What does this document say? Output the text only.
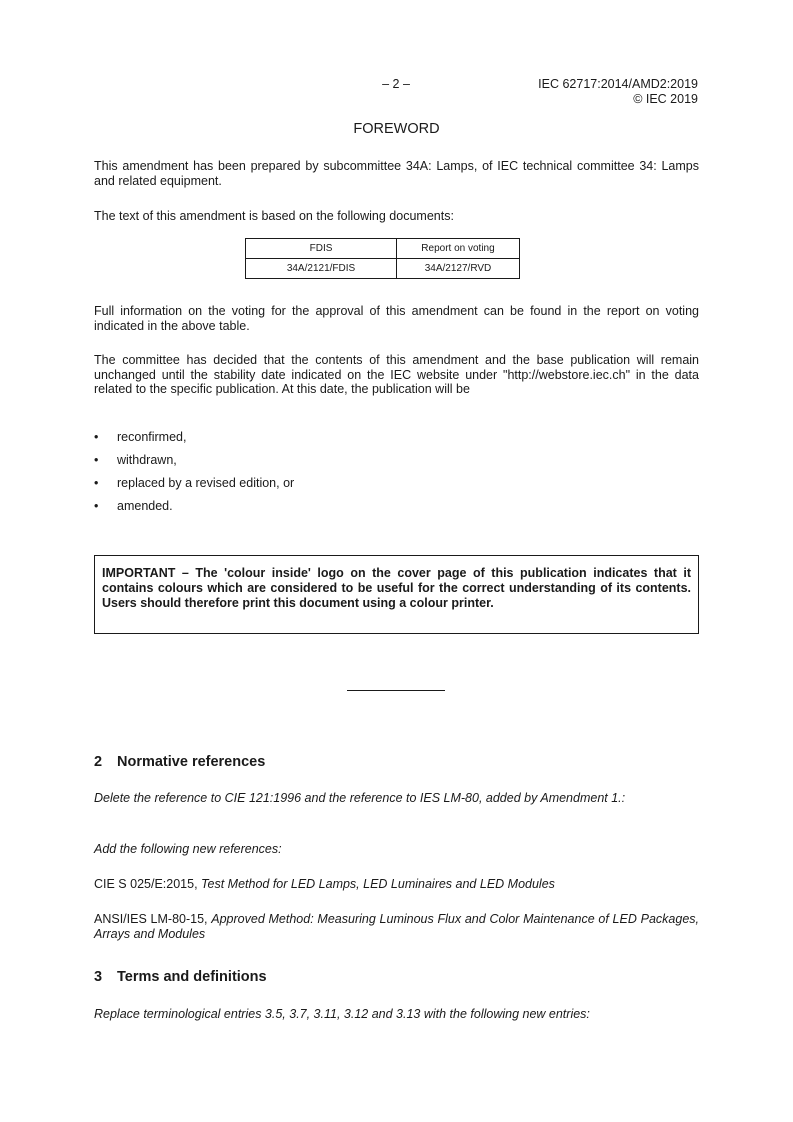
– 2 –	IEC 62717:2014/AMD2:2019
© IEC 2019
FOREWORD

This amendment has been prepared by subcommittee 34A: Lamps, of IEC technical committee 34: Lamps and related equipment.

The text of this amendment is based on the following documents:

FDIS	Report on voting
34A/2121/FDIS	34A/2127/RVD

Full information on the voting for the approval of this amendment can be found in the report on voting indicated in the above table.

The committee has decided that the contents of this amendment and the base publication will remain unchanged until the stability date indicated on the IEC website under "http://webstore.iec.ch" in the data related to the specific publication. At this date, the publication will be

• reconfirmed,
• withdrawn,
• replaced by a revised edition, or
• amended.
IMPORTANT – The 'colour inside' logo on the cover page of this publication indicates that it contains colours which are considered to be useful for the correct understanding of its contents. Users should therefore print this document using a colour printer.
2 Normative references

Delete the reference to CIE 121:1996 and the reference to IES LM-80, added by Amendment 1.:

Add the following new references:

CIE S 025/E:2015, Test Method for LED Lamps, LED Luminaires and LED Modules

ANSI/IES LM-80-15, Approved Method: Measuring Luminous Flux and Color Maintenance of LED Packages, Arrays and Modules

3 Terms and definitions

Replace terminological entries 3.5, 3.7, 3.11, 3.12 and 3.13 with the following new entries:
